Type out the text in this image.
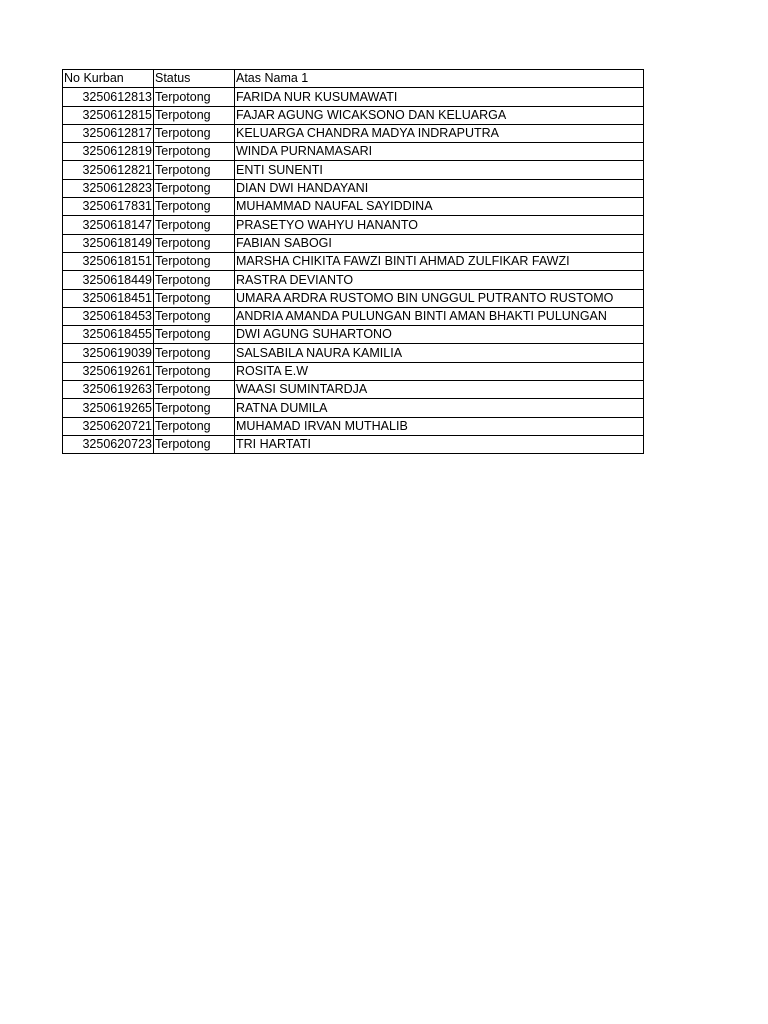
No Kurban	Status	Atas Nama 1
3250612813	Terpotong	FARIDA NUR KUSUMAWATI
3250612815	Terpotong	FAJAR AGUNG WICAKSONO DAN KELUARGA
3250612817	Terpotong	KELUARGA CHANDRA MADYA INDRAPUTRA
3250612819	Terpotong	WINDA PURNAMASARI
3250612821	Terpotong	ENTI SUNENTI
3250612823	Terpotong	DIAN DWI HANDAYANI
3250617831	Terpotong	MUHAMMAD NAUFAL SAYIDDINA
3250618147	Terpotong	PRASETYO WAHYU HANANTO
3250618149	Terpotong	FABIAN SABOGI
3250618151	Terpotong	MARSHA CHIKITA FAWZI BINTI AHMAD ZULFIKAR FAWZI
3250618449	Terpotong	RASTRA DEVIANTO
3250618451	Terpotong	UMARA ARDRA RUSTOMO BIN UNGGUL PUTRANTO RUSTOMO
3250618453	Terpotong	ANDRIA AMANDA PULUNGAN BINTI AMAN BHAKTI PULUNGAN
3250618455	Terpotong	DWI AGUNG SUHARTONO
3250619039	Terpotong	SALSABILA NAURA KAMILIA
3250619261	Terpotong	ROSITA E.W
3250619263	Terpotong	WAASI SUMINTARDJA
3250619265	Terpotong	RATNA DUMILA
3250620721	Terpotong	MUHAMAD IRVAN MUTHALIB
3250620723	Terpotong	TRI HARTATI
